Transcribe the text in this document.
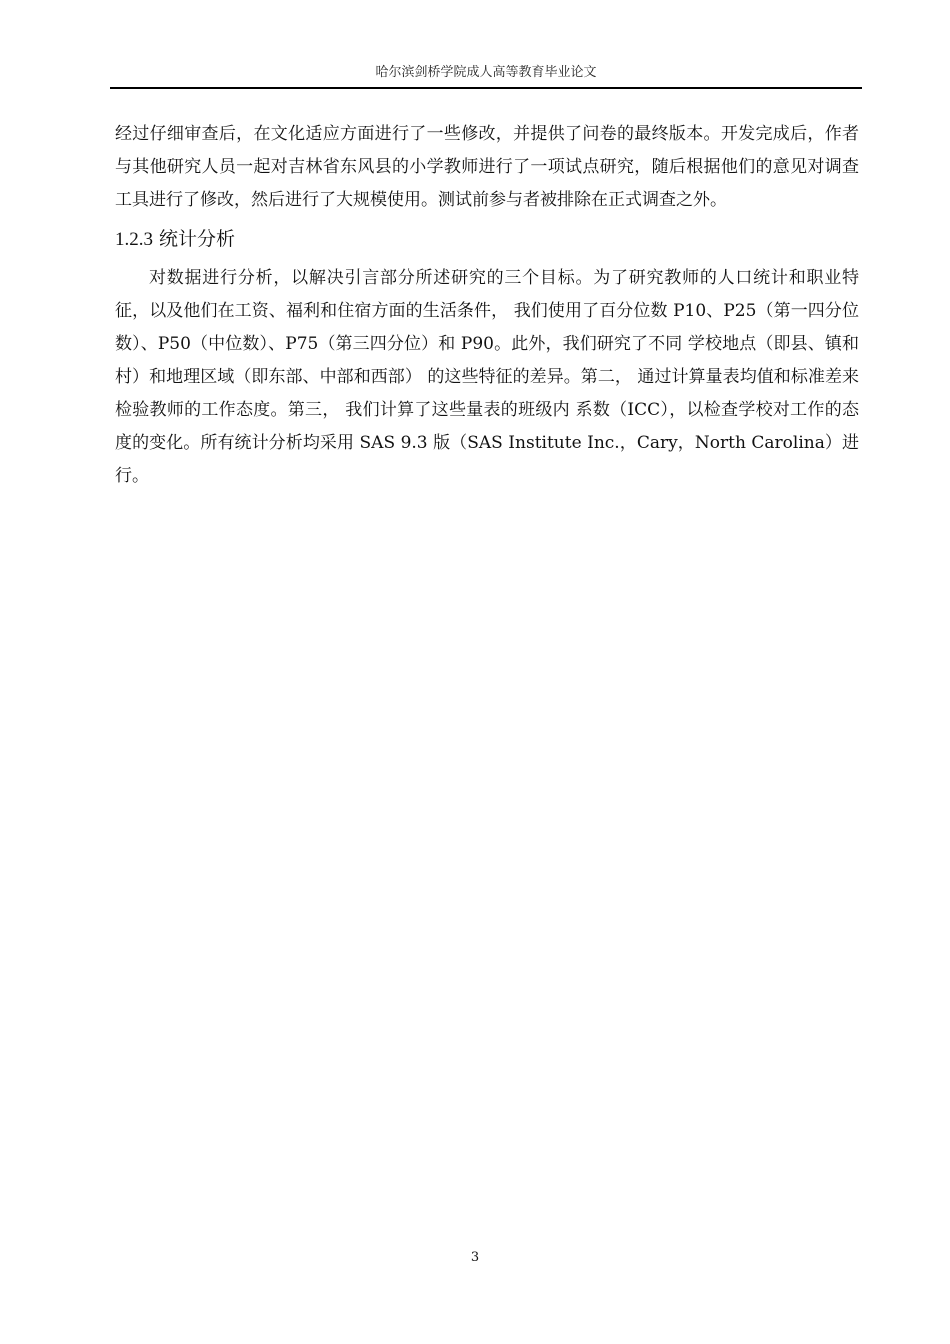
哈尔滨剑桥学院成人高等教育毕业论文

经过仔细审查后，在文化适应方面进行了一些修改，并提供了问卷的最终版本。开发完成后，作者与其他研究人员一起对吉林省东风县的小学教师进行了一项试点研究，随后根据他们的意见对调查工具进行了修改，然后进行了大规模使用。测试前参与者被排除在正式调查之外。

1.2.3 统计分析

对数据进行分析，以解决引言部分所述研究的三个目标。为了研究教师的人口统计和职业特征，以及他们在工资、福利和住宿方面的生活条件， 我们使用了百分位数 P10、P25（第一四分位数）、P50（中位数）、P75（第三四分位）和 P90。此外，我们研究了不同 学校地点（即县、镇和村）和地理区域（即东部、中部和西部） 的这些特征的差异。第二， 通过计算量表均值和标准差来检验教师的工作态度。第三， 我们计算了这些量表的班级内 系数（ICC），以检查学校对工作的态度的变化。所有统计分析均采用 SAS 9.3 版（SAS Institute Inc.，Cary，North Carolina）进行。

3
